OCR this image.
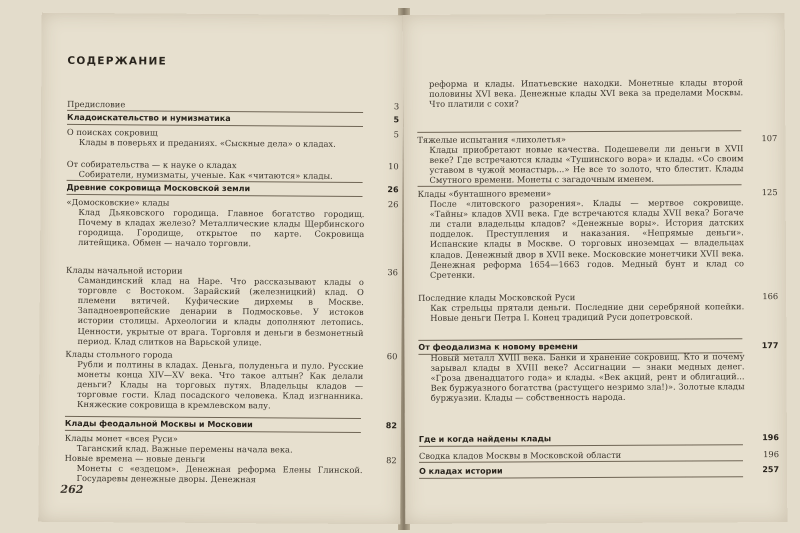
СОДЕРЖАНИЕ
Предисловие	3
Кладоискательство и нумизматика	5
О поисках сокровищ	5
Клады в поверьях и преданиях. «Сыскные дела» о кладах.
От собирательства — к науке о кладах	10
Собиратели, нумизматы, ученые. Как «читаются» клады.
Древние сокровища Московской земли	26
«Домосковские» клады	26
Клад Дьяковского городища. Главное богатство городищ. Почему в кладах железо? Металлические клады Щербинского городища. Городище, открытое по карте. Сокровища литейщика. Обмен — начало торговли.
Клады начальной истории	36
Самандинский клад на Наре. Что рассказывают клады о торговле с Востоком. Зарайский (железницкий) клад. О племени вятичей. Куфические дирхемы в Москве. Западноевропейские денарии в Подмосковье. У истоков истории столицы. Археологии и клады дополняют летопись. Ценности, укрытые от врага. Торговля и деньги в безмонетный период. Клад слитков на Варьской улице.
Клады стольного города	60
Рубли и полтины в кладах. Деньга, полуденьга и пуло. Русские монеты конца XIV—XV века. Что такое алтын? Как делали деньги? Клады на торговых путях. Владельцы кладов — торговые гости. Клад посадского человека. Клад изгнанника. Княжеские сокровища в кремлевском валу.
Клады феодальной Москвы и Московии	82
Клады монет «всея Руси»
Таганский клад. Важные перемены начала века.
Новые времена — новые деньги	82
Монеты с «ездецом». Денежная реформа Елены Глинской. Государевы денежные дворы. Денежная
262
реформа и клады. Ипатьевские находки. Монетные клады второй половины XVI века. Денежные клады XVI века за пределами Москвы. Что платили с сохи?
Тяжелые испытания «лихолетья»	107
Клады приобретают новые качества. Подешевели ли деньги в XVII веке? Где встречаются клады «Тушинского вора» и клады. «Со своим уставом в чужой монастырь...» Не все то золото, что блестит. Клады Смутного времени. Монеты с загадочным именем.
Клады «бунташного времени»	125
После «литовского разорения». Клады — мертвое сокровище. «Тайны» кладов XVII века. Где встречаются клады XVII века? Богаче ли стали владельцы кладов? «Денежные воры». История датских подделок. Преступления и наказания. «Непрямые деньги». Испанские клады в Москве. О торговых иноземцах — владельцах кладов. Денежный двор в XVII веке. Московские монетчики XVII века. Денежная реформа 1654—1663 годов. Медный бунт и клад со Сретенки.
Последние клады Московской Руси	166
Как стрельцы прятали деньги. Последние дни серебряной копейки. Новые деньги Петра I. Конец традиций Руси допетровской.
От феодализма к новому времени	177
Новый металл XVIII века. Банки и хранение сокровищ. Кто и почему зарывал клады в XVIII веке? Ассигнации — знаки медных денег. «Гроза двенадцатого года» и клады. «Век акций, рент и облигаций... Век буржуазного богатства (растущего незримо зла!)». Золотые клады буржуазии. Клады — собственность народа.
Где и когда найдены клады	196
Сводка кладов Москвы в Московской области	196
О кладах истории	257
